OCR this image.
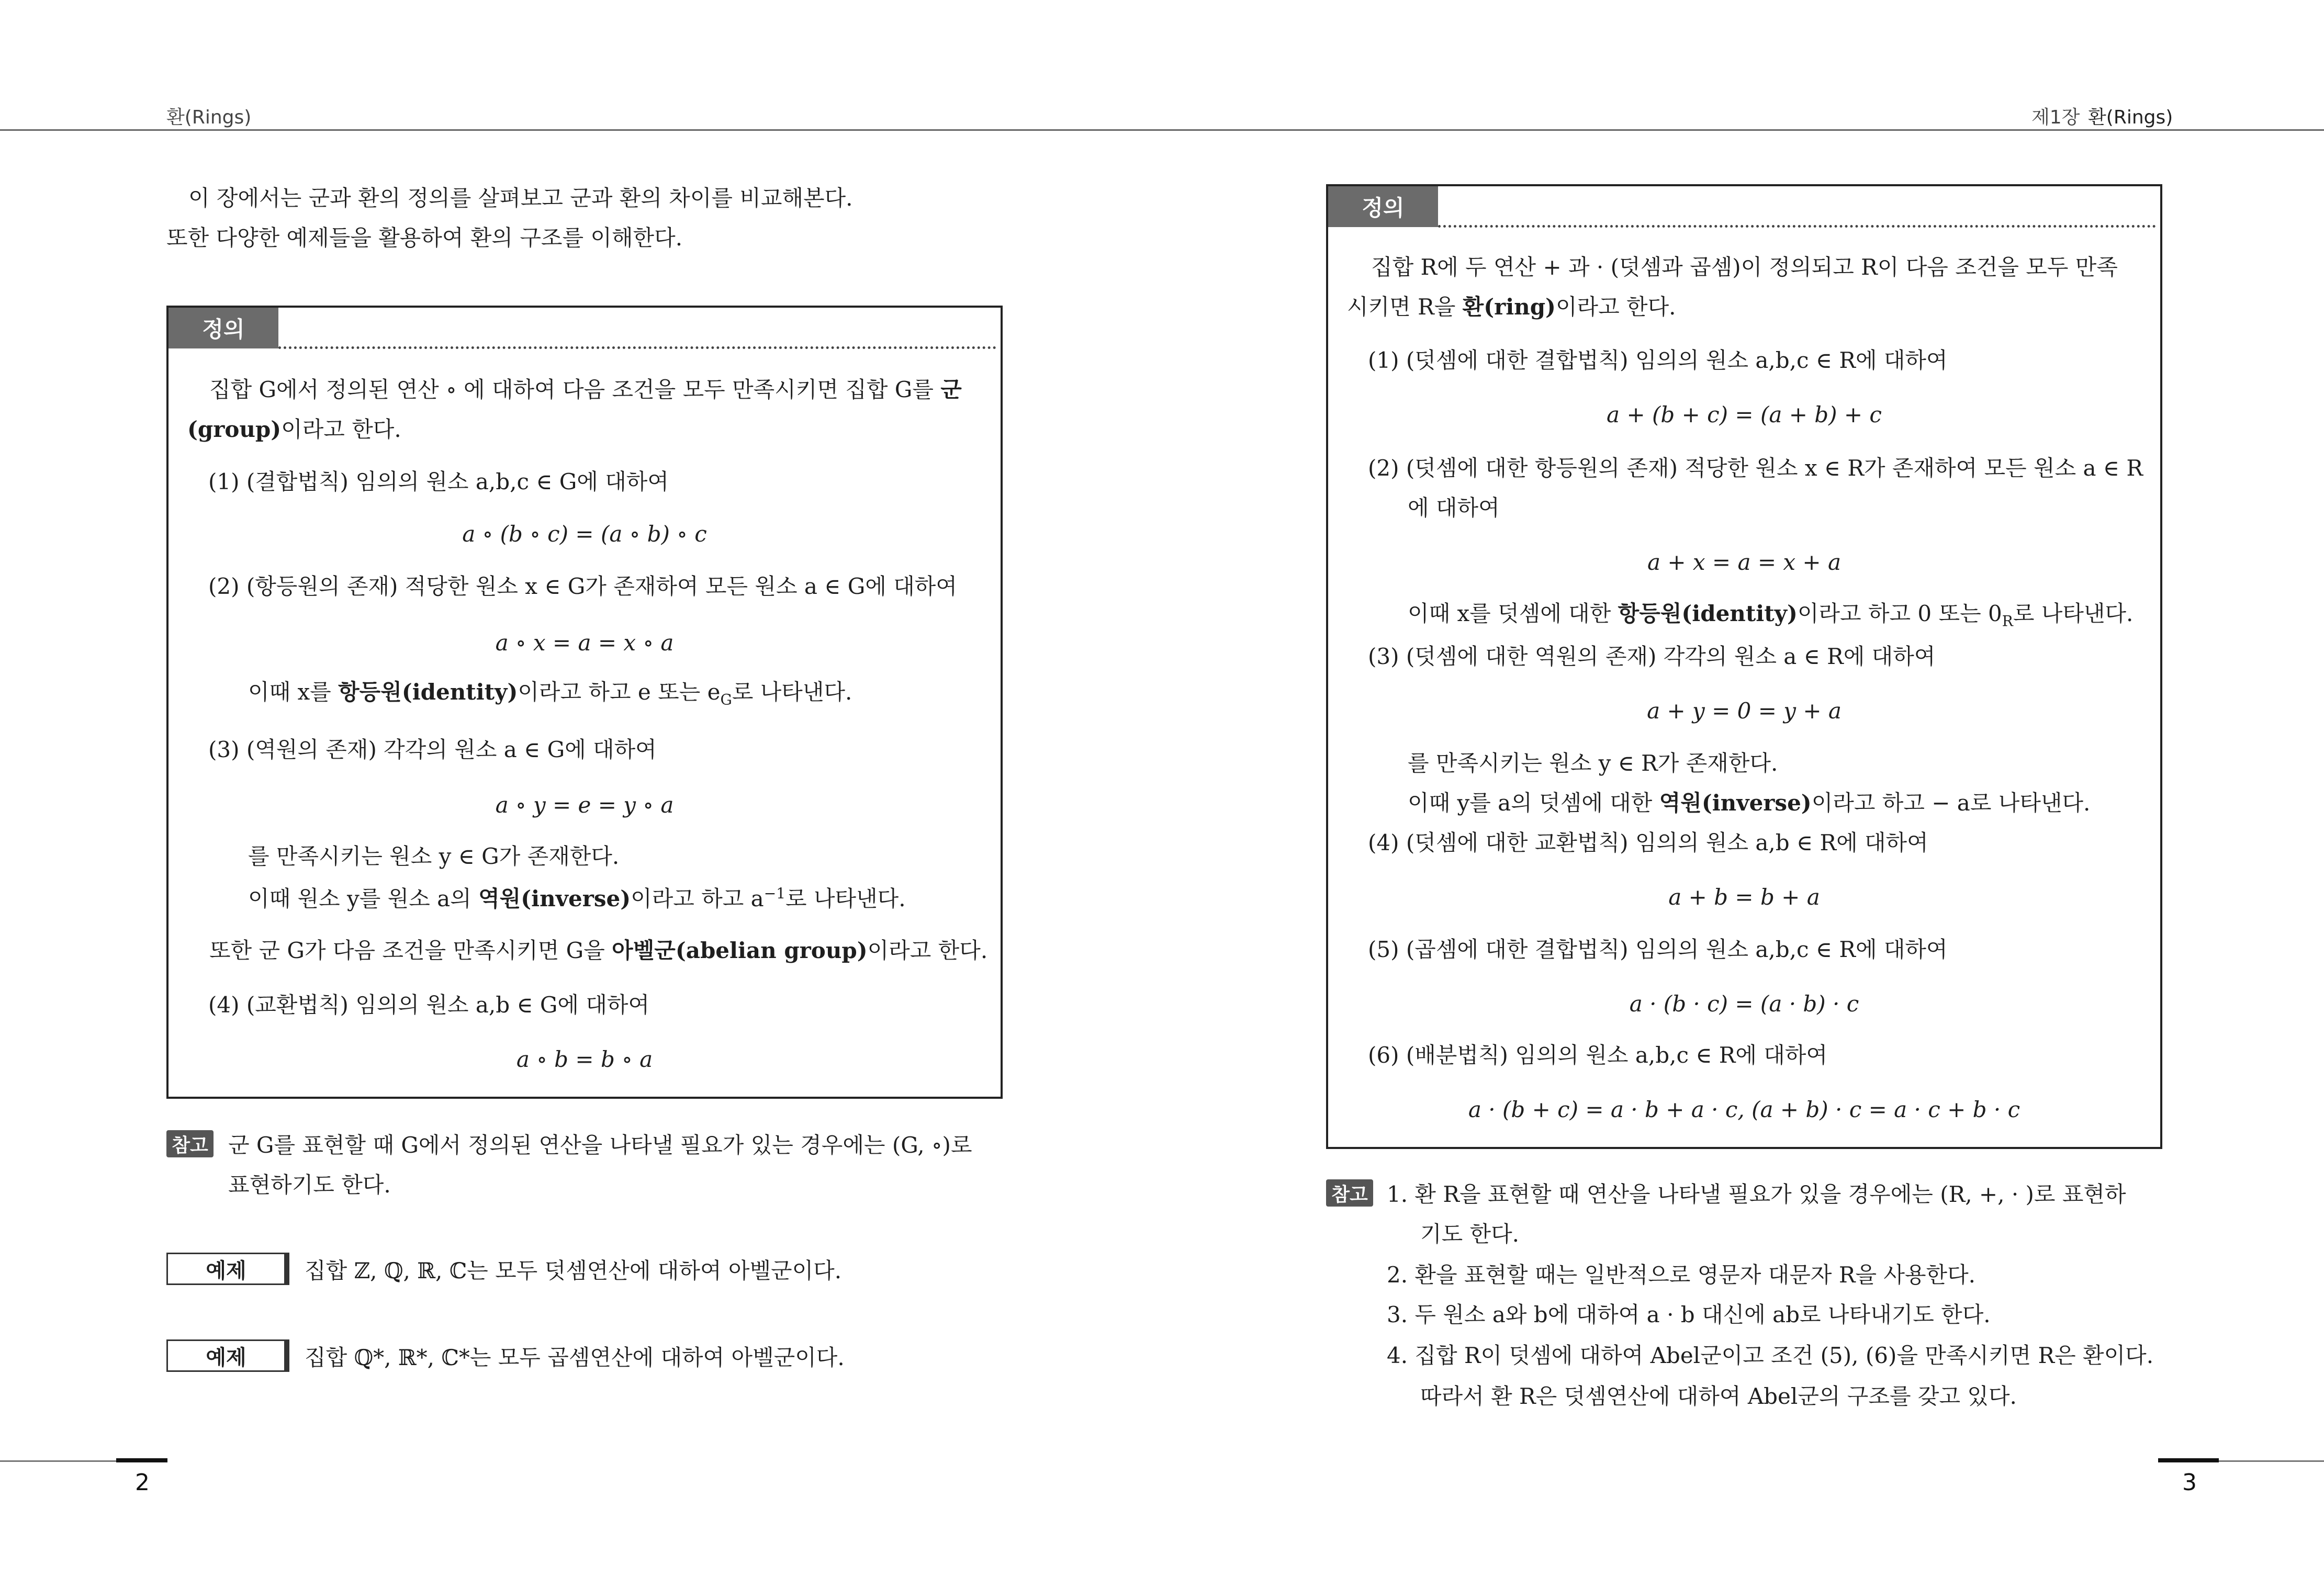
환(Rings)	제1장 환(Rings)
이 장에서는 군과 환의 정의를 살펴보고 군과 환의 차이를 비교해본다.
또한 다양한 예제들을 활용하여 환의 구조를 이해한다.
정의
집합 G에서 정의된 연산 ∘ 에 대하여 다음 조건을 모두 만족시키면 집합 G를 군
(group)이라고 한다.
(1) (결합법칙) 임의의 원소 a,b,c ∈ G에 대하여
a ∘ (b ∘ c) = (a ∘ b) ∘ c
(2) (항등원의 존재) 적당한 원소 x ∈ G가 존재하여 모든 원소 a ∈ G에 대하여
a ∘ x = a = x ∘ a
이때 x를 항등원(identity)이라고 하고 e 또는 $e_G$로 나타낸다.
(3) (역원의 존재) 각각의 원소 a ∈ G에 대하여
a ∘ y = e = y ∘ a
를 만족시키는 원소 y ∈ G가 존재한다.
이때 원소 y를 원소 a의 역원(inverse)이라고 하고 $a^{-1}$로 나타낸다.
또한 군 G가 다음 조건을 만족시키면 G을 아벨군(abelian group)이라고 한다.
(4) (교환법칙) 임의의 원소 a,b ∈ G에 대하여
a ∘ b = b ∘ a
참고 군 G를 표현할 때 G에서 정의된 연산을 나타낼 필요가 있는 경우에는 (G, ∘)로
표현하기도 한다.
예제	집합 ℤ, ℚ, ℝ, ℂ는 모두 덧셈연산에 대하여 아벨군이다.
예제	집합 ℚ*, ℝ*, ℂ*는 모두 곱셈연산에 대하여 아벨군이다.
2
정의
집합 R에 두 연산 + 과 · (덧셈과 곱셈)이 정의되고 R이 다음 조건을 모두 만족
시키면 R을 환(ring)이라고 한다.
(1) (덧셈에 대한 결합법칙) 임의의 원소 a,b,c ∈ R에 대하여
a + (b + c) = (a + b) + c
(2) (덧셈에 대한 항등원의 존재) 적당한 원소 x ∈ R가 존재하여 모든 원소 a ∈ R
에 대하여
a + x = a = x + a
이때 x를 덧셈에 대한 항등원(identity)이라고 하고 0 또는 $0_R$로 나타낸다.
(3) (덧셈에 대한 역원의 존재) 각각의 원소 a ∈ R에 대하여
a + y = 0 = y + a
를 만족시키는 원소 y ∈ R가 존재한다.
이때 y를 a의 덧셈에 대한 역원(inverse)이라고 하고 − a로 나타낸다.
(4) (덧셈에 대한 교환법칙) 임의의 원소 a,b ∈ R에 대하여
a + b = b + a
(5) (곱셈에 대한 결합법칙) 임의의 원소 a,b,c ∈ R에 대하여
a · (b · c) = (a · b) · c
(6) (배분법칙) 임의의 원소 a,b,c ∈ R에 대하여
a · (b + c) = a · b + a · c, (a + b) · c = a · c + b · c
참고 1. 환 R을 표현할 때 연산을 나타낼 필요가 있을 경우에는 (R, +, · )로 표현하
기도 한다.
2. 환을 표현할 때는 일반적으로 영문자 대문자 R을 사용한다.
3. 두 원소 a와 b에 대하여 a · b 대신에 ab로 나타내기도 한다.
4. 집합 R이 덧셈에 대하여 Abel군이고 조건 (5), (6)을 만족시키면 R은 환이다.
따라서 환 R은 덧셈연산에 대하여 Abel군의 구조를 갖고 있다.
3
